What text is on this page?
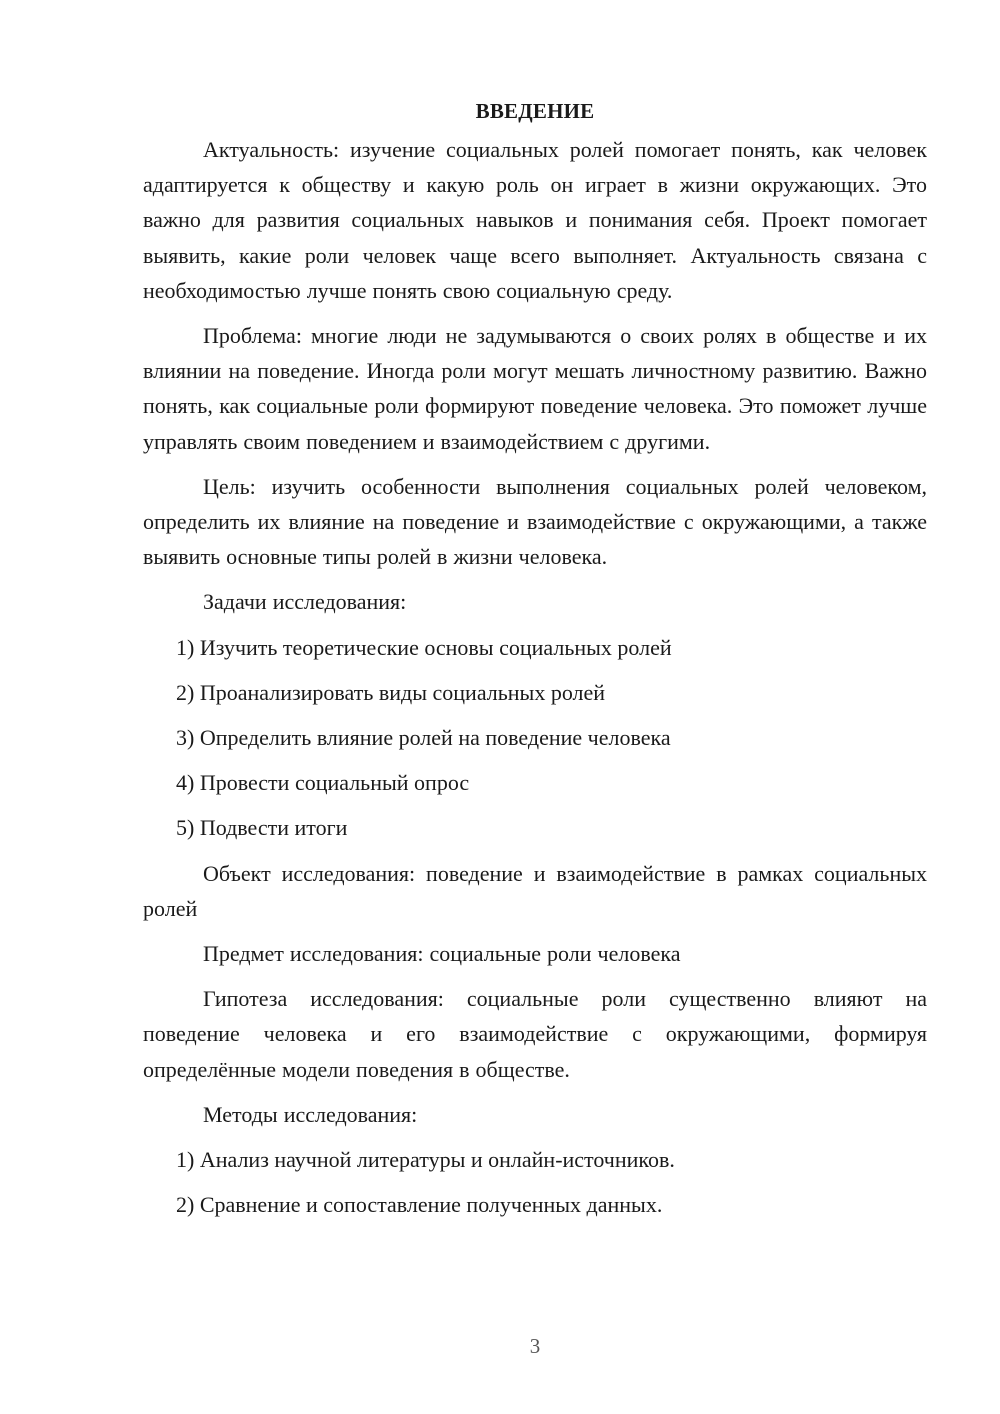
ВВЕДЕНИЕ

Актуальность: изучение социальных ролей помогает понять, как человек адаптируется к обществу и какую роль он играет в жизни окружающих. Это важно для развития социальных навыков и понимания себя. Проект помогает выявить, какие роли человек чаще всего выполняет. Актуальность связана с необходимостью лучше понять свою социальную среду.

Проблема: многие люди не задумываются о своих ролях в обществе и их влиянии на поведение. Иногда роли могут мешать личностному развитию. Важно понять, как социальные роли формируют поведение человека. Это поможет лучше управлять своим поведением и взаимодействием с другими.

Цель: изучить особенности выполнения социальных ролей человеком, определить их влияние на поведение и взаимодействие с окружающими, а также выявить основные типы ролей в жизни человека.

Задачи исследования:

1) Изучить теоретические основы социальных ролей
2) Проанализировать виды социальных ролей
3) Определить влияние ролей на поведение человека
4) Провести социальный опрос
5) Подвести итоги

Объект исследования: поведение и взаимодействие в рамках социальных ролей

Предмет исследования: социальные роли человека

Гипотеза исследования: социальные роли существенно влияют на поведение человека и его взаимодействие с окружающими, формируя определённые модели поведения в обществе.

Методы исследования:

1) Анализ научной литературы и онлайн-источников.
2) Сравнение и сопоставление полученных данных.
3
